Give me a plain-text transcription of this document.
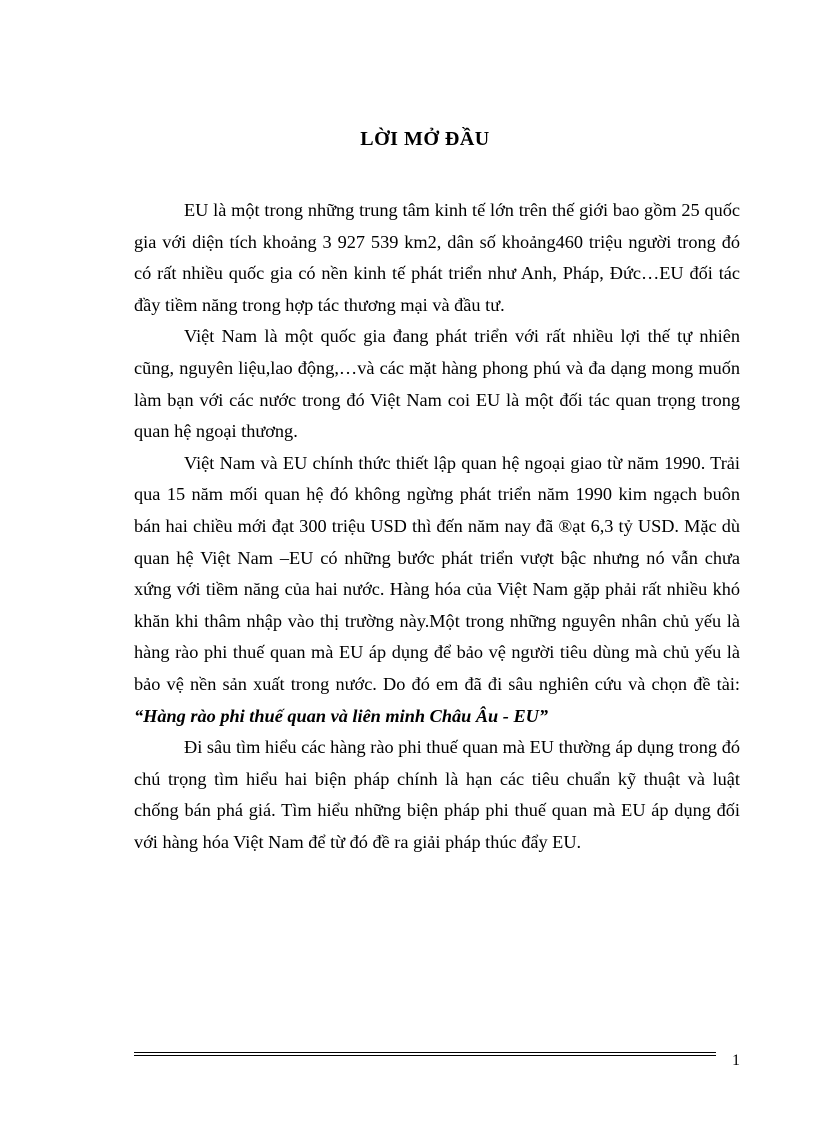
LỜI MỞ ĐẦU

EU là một trong những trung tâm kinh tế lớn trên thế giới bao gồm 25 quốc gia với diện tích khoảng 3 927 539 km2, dân số khoảng460 triệu người trong đó có rất nhiều quốc gia có nền kinh tế phát triển như Anh, Pháp, Đức…EU đối tác đầy tiềm năng trong hợp tác thương mại và đầu tư.

Việt Nam là một quốc gia đang phát triển với rất nhiều lợi thế tự nhiên cũng, nguyên liệu,lao động,…và các mặt hàng phong phú và đa dạng mong muốn làm bạn với các nước trong đó Việt Nam coi EU là một đối tác quan trọng trong quan hệ ngoại thương.

Việt Nam và EU chính thức thiết lập quan hệ ngoại giao từ năm 1990. Trải qua 15 năm mối quan hệ đó không ngừng phát triển năm 1990 kim ngạch buôn bán hai chiều mới đạt 300 triệu USD thì đến năm nay đã ®ạt 6,3 tỷ USD. Mặc dù quan hệ Việt Nam –EU có những bước phát triển vượt bậc nhưng nó vẫn chưa xứng với tiềm năng của hai nước. Hàng hóa của Việt Nam gặp phải rất nhiều khó khăn khi thâm nhập vào thị trường này.Một trong những nguyên nhân chủ yếu là hàng rào phi thuế quan mà EU áp dụng để bảo vệ người tiêu dùng mà chủ yếu là bảo vệ nền sản xuất trong nước. Do đó em đã đi sâu nghiên cứu và chọn đề tài: “Hàng rào phi thuế quan và liên minh Châu Âu - EU”

Đi sâu tìm hiểu các hàng rào phi thuế quan mà EU thường áp dụng trong đó chú trọng tìm hiểu hai biện pháp chính là hạn các tiêu chuẩn kỹ thuật và luật chống bán phá giá. Tìm hiểu những biện pháp phi thuế quan mà EU áp dụng đối với hàng hóa Việt Nam để từ đó đề ra giải pháp thúc đẩy EU.

1
